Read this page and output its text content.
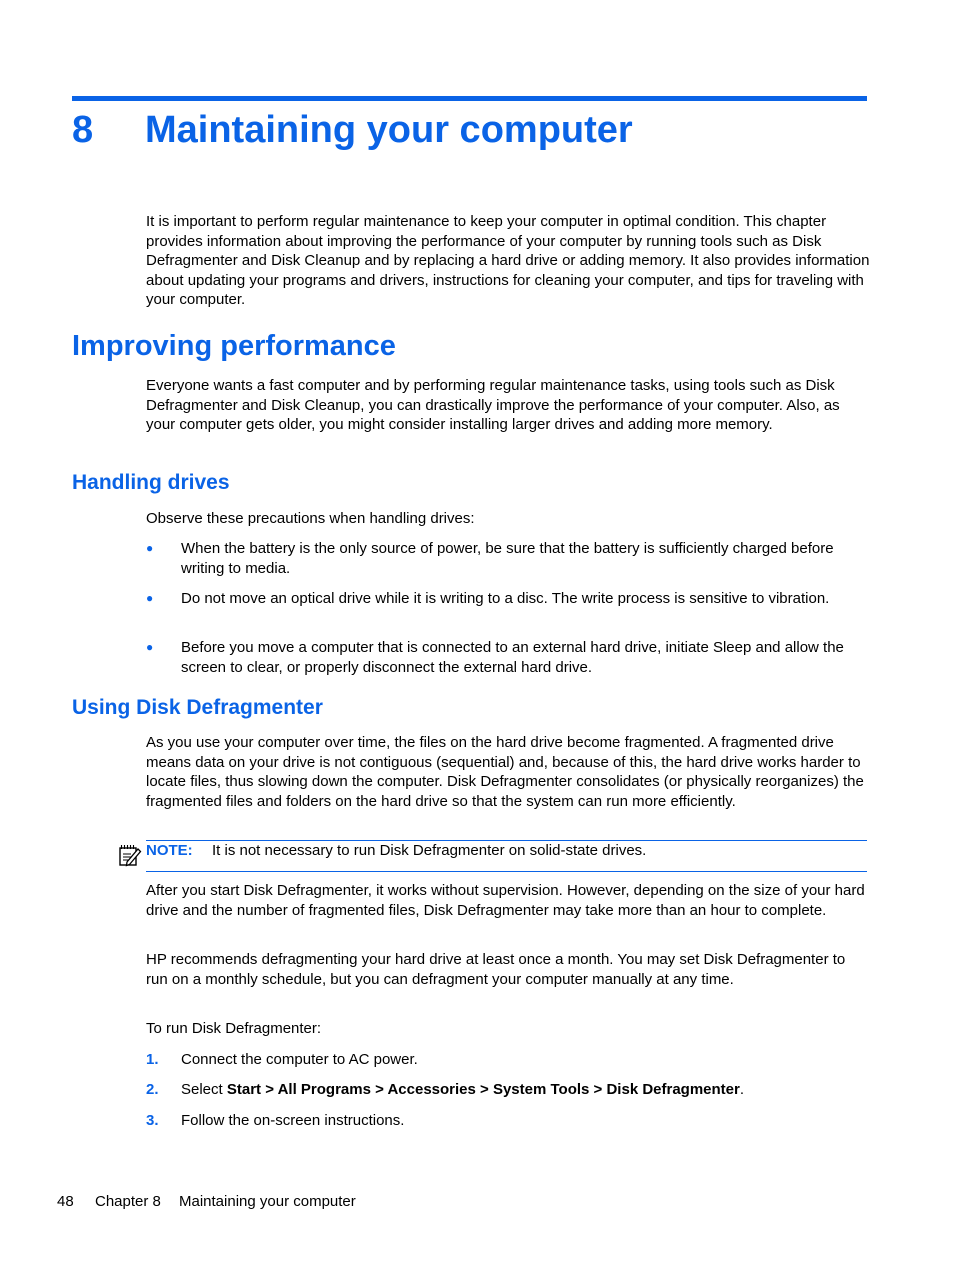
8 Maintaining your computer

It is important to perform regular maintenance to keep your computer in optimal condition. This chapter provides information about improving the performance of your computer by running tools such as Disk Defragmenter and Disk Cleanup and by replacing a hard drive or adding memory. It also provides information about updating your programs and drivers, instructions for cleaning your computer, and tips for traveling with your computer.

Improving performance

Everyone wants a fast computer and by performing regular maintenance tasks, using tools such as Disk Defragmenter and Disk Cleanup, you can drastically improve the performance of your computer. Also, as your computer gets older, you might consider installing larger drives and adding more memory.

Handling drives

Observe these precautions when handling drives:

● When the battery is the only source of power, be sure that the battery is sufficiently charged before writing to media.

● Do not move an optical drive while it is writing to a disc. The write process is sensitive to vibration.

● Before you move a computer that is connected to an external hard drive, initiate Sleep and allow the screen to clear, or properly disconnect the external hard drive.

Using Disk Defragmenter

As you use your computer over time, the files on the hard drive become fragmented. A fragmented drive means data on your drive is not contiguous (sequential) and, because of this, the hard drive works harder to locate files, thus slowing down the computer. Disk Defragmenter consolidates (or physically reorganizes) the fragmented files and folders on the hard drive so that the system can run more efficiently.

NOTE: It is not necessary to run Disk Defragmenter on solid-state drives.

After you start Disk Defragmenter, it works without supervision. However, depending on the size of your hard drive and the number of fragmented files, Disk Defragmenter may take more than an hour to complete.

HP recommends defragmenting your hard drive at least once a month. You may set Disk Defragmenter to run on a monthly schedule, but you can defragment your computer manually at any time.

To run Disk Defragmenter:

1. Connect the computer to AC power.

2. Select Start > All Programs > Accessories > System Tools > Disk Defragmenter.

3. Follow the on-screen instructions.

48 Chapter 8 Maintaining your computer
